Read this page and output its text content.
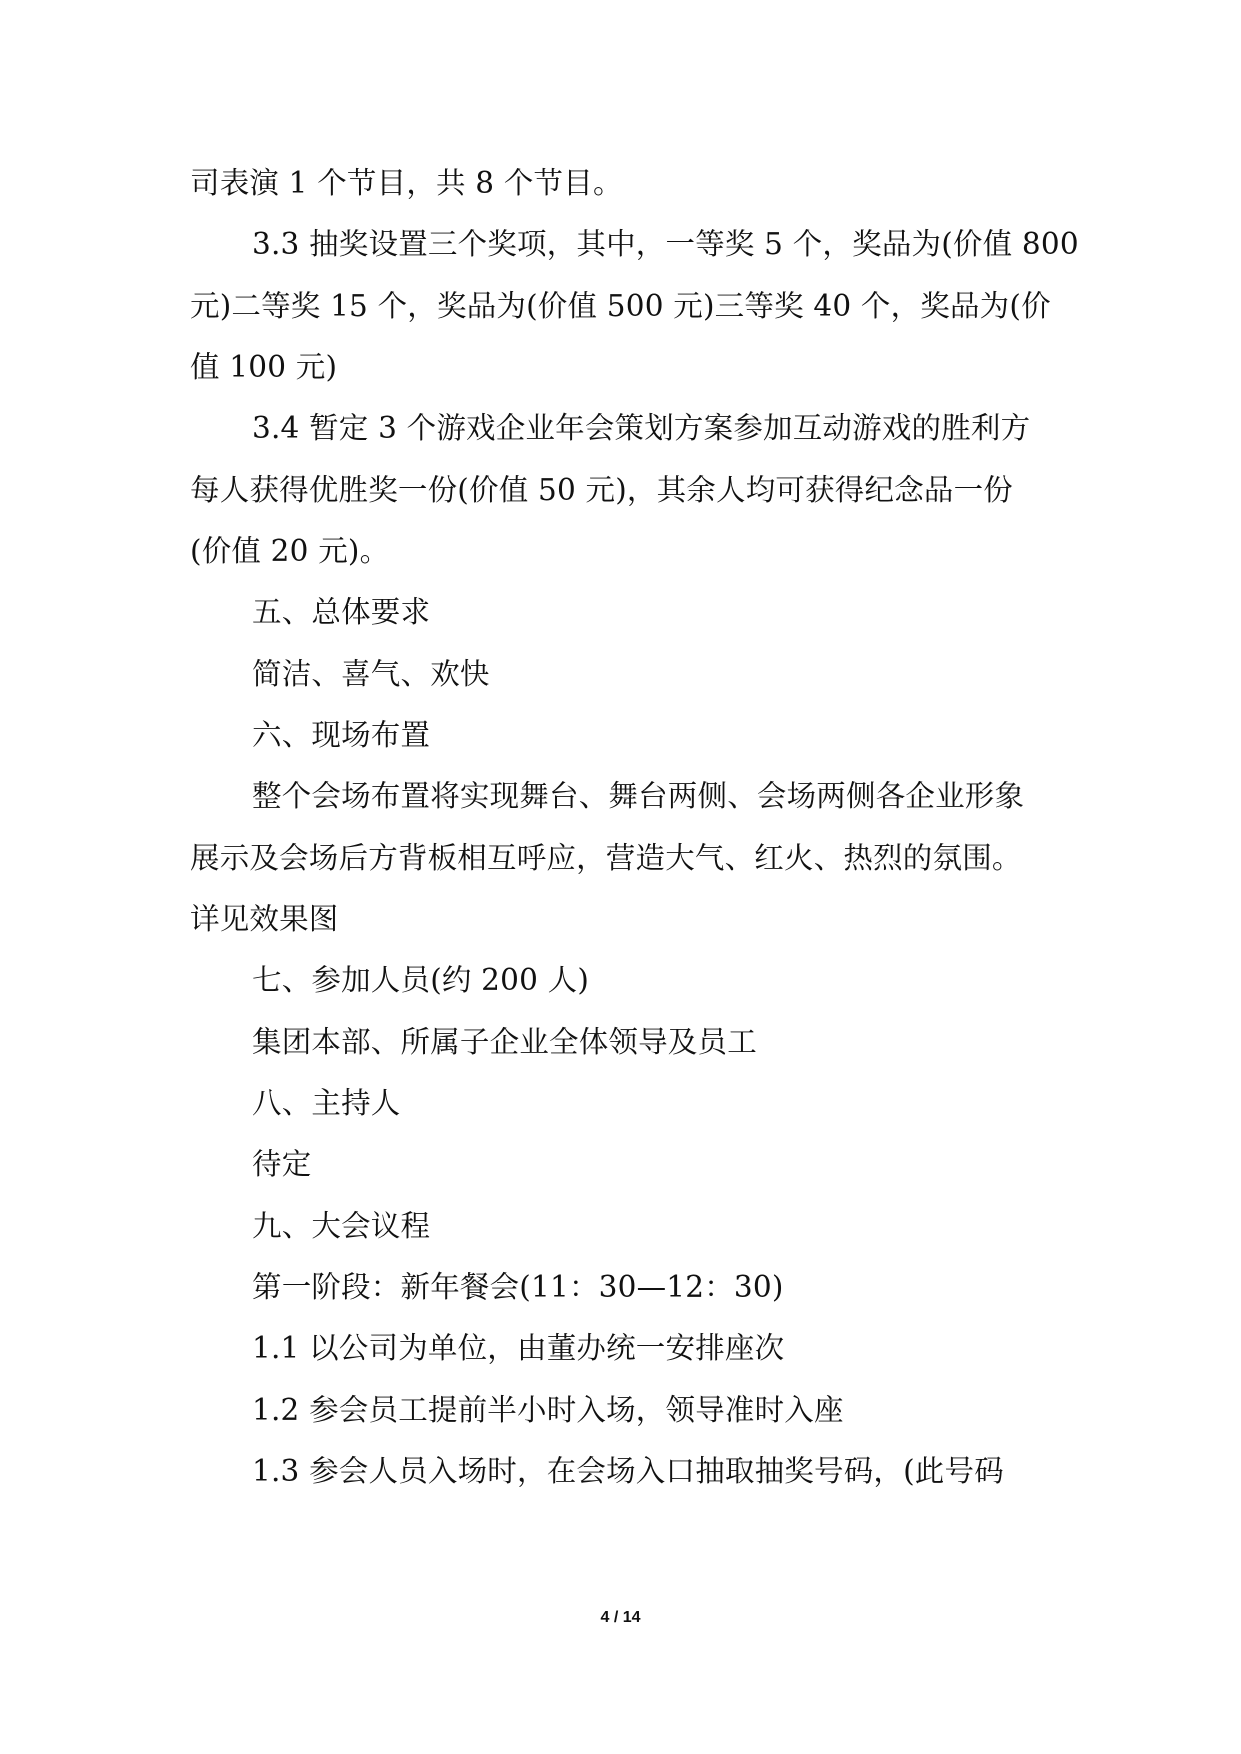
司表演 1 个节目，共 8 个节目。
3.3 抽奖设置三个奖项，其中，一等奖 5 个，奖品为(价值 800
元)二等奖 15 个，奖品为(价值 500 元)三等奖 40 个，奖品为(价
值 100 元)
3.4 暂定 3 个游戏企业年会策划方案参加互动游戏的胜利方
每人获得优胜奖一份(价值 50 元)，其余人均可获得纪念品一份
(价值 20 元)。
五、总体要求
简洁、喜气、欢快
六、现场布置
整个会场布置将实现舞台、舞台两侧、会场两侧各企业形象
展示及会场后方背板相互呼应，营造大气、红火、热烈的氛围。
详见效果图
七、参加人员(约 200 人)
集团本部、所属子企业全体领导及员工
八、主持人
待定
九、大会议程
第一阶段：新年餐会(11：30—12：30)
1.1 以公司为单位，由董办统一安排座次
1.2 参会员工提前半小时入场，领导准时入座
1.3 参会人员入场时，在会场入口抽取抽奖号码，(此号码
4 / 14
